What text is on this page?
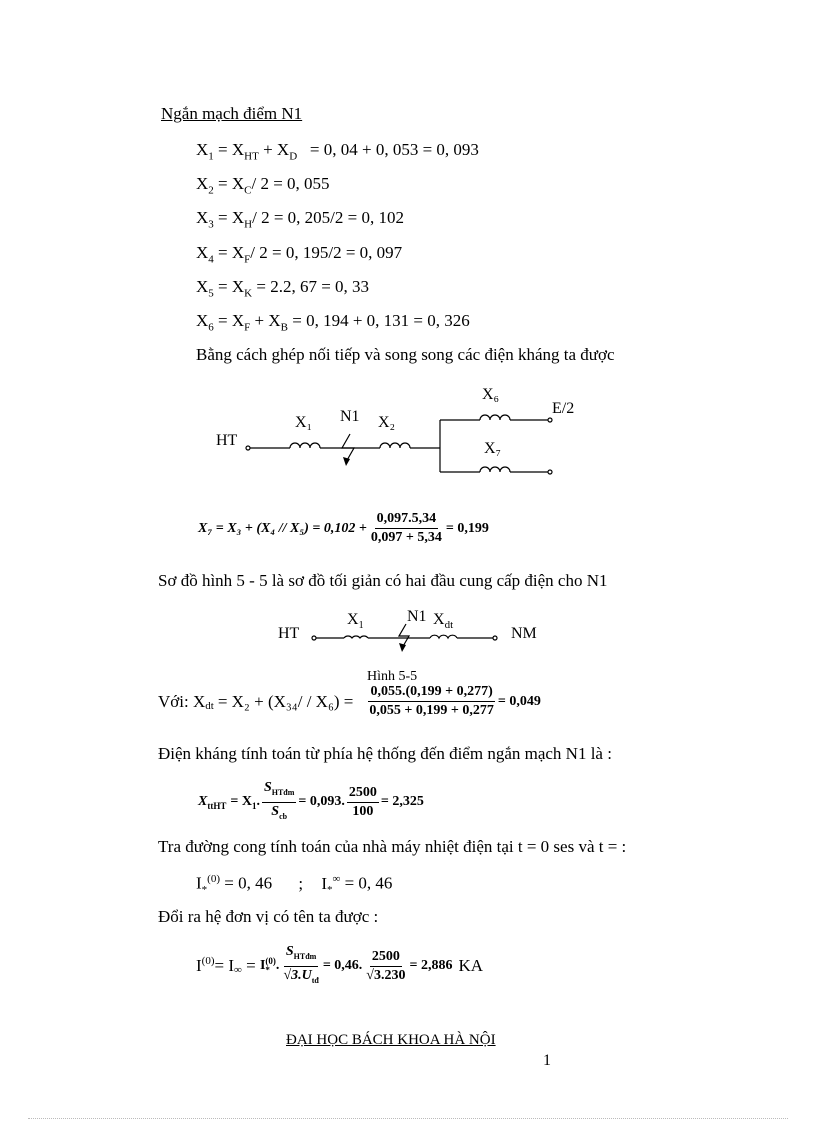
Ngắn mạch điểm N1
$X_1 = X_{HT} + X_D = 0$, 04 + 0, 053 = 0, 093
$X_2 = X_C/$ 2 = 0, 055
$X_3 = X_H/$ 2 = 0, 205/2 = 0, 102
$X_4 = X_F/$ 2 = 0, 195/2 = 0, 097
$X_5 = X_K = 2.2$, 67 = 0, 33
$X_6 = X_F + X_B = 0$, 194 + 0, 131 = 0, 326
Bằng cách ghép nối tiếp và song song các điện kháng ta được
HT
X₁ N1 X₂
X₆
E/2
X₇
$X_7 = X_3 + (X_4 // X_5) = 0,102 + \frac{0,097.5,34}{0,097 + 5,34} = 0,199$
Sơ đồ hình 5 - 5 là sơ đồ tối giản có hai đầu cung cấp điện cho N1
HT
$X_1$
N1 $X_{dt}$	NM
Hình 5-5
Với: $X_{dt} = X_2 + (X_{34}/ / X_6) = \frac{0,055.(0,199 + 0,277)}{0,055 + 0,199 + 0,277} = 0,049$
Điện kháng tính toán từ phía hệ thống đến điểm ngắn mạch N1 là :
$X_{ttHT} = X_1$ . $\frac{S_{HTđm}}{S_{cb}} = 0,093$. $\frac{2500}{100} = 2,325$
Tra đường cong tính toán của nhà máy nhiệt điện tại t = 0 ses và t = :
$I_*^{(0)} = 0$, 46 ; $I_*^\infty = 0$, 46
Đổi ra hệ đơn vị có tên ta được :
$I^{(0)} = I_\infty = I$ (0)
* . $\frac{S_{HTđm}}{√3.U_{tđ}} = 0,46$. $\frac{2500}{√3.230} = 2,886$ KA
ĐẠI HỌC BÁCH KHOA HÀ NỘI
1
